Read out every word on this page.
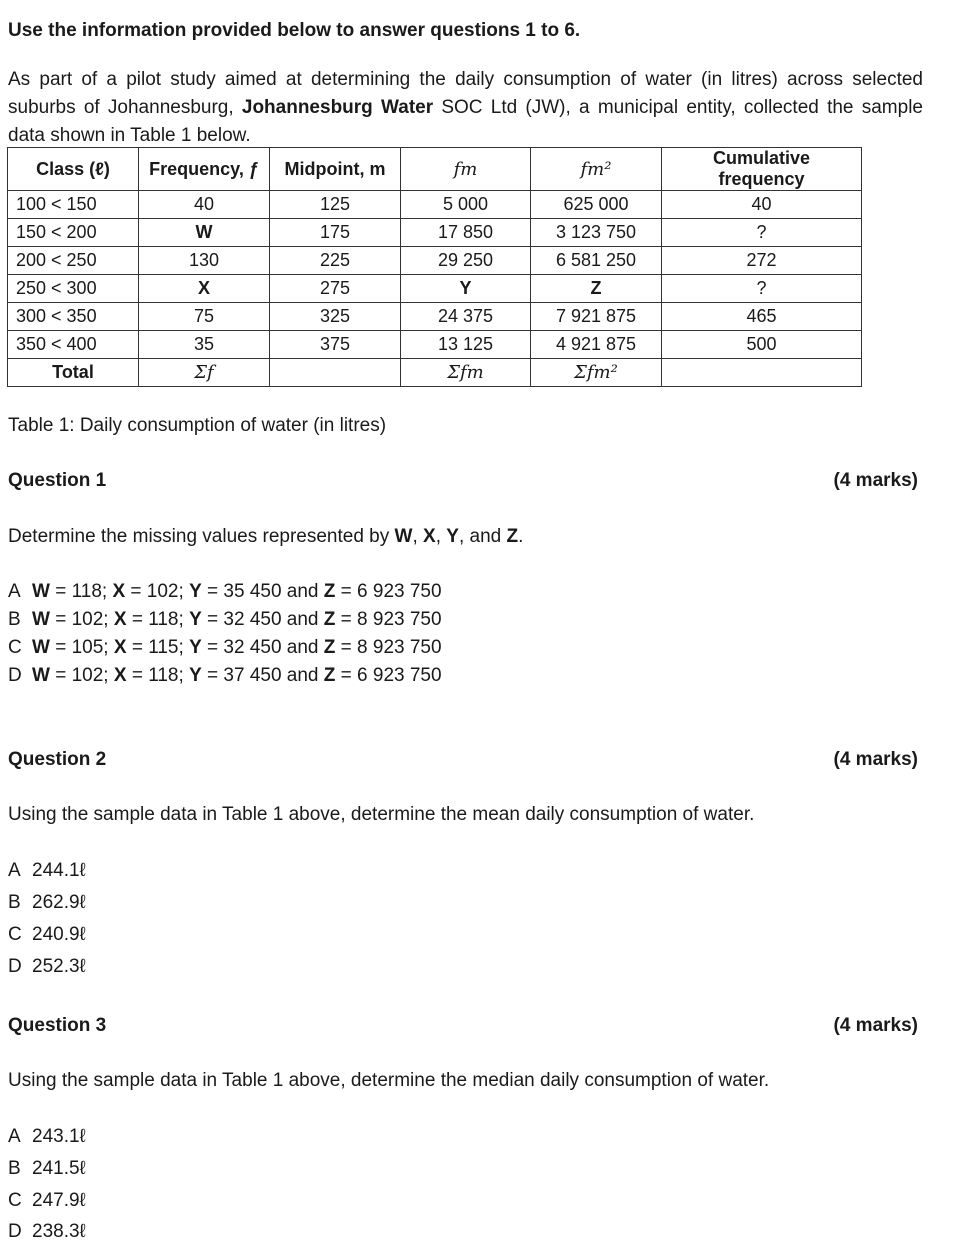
Use the information provided below to answer questions 1 to 6.
As part of a pilot study aimed at determining the daily consumption of water (in litres) across selected suburbs of Johannesburg, Johannesburg Water SOC Ltd (JW), a municipal entity, collected the sample data shown in Table 1 below.
Class (ℓ)	Frequency, ƒ	Midpoint, m	fm	fm²	Cumulative frequency
100 < 150	40	125	5 000	625 000	40
150 < 200	W	175	17 850	3 123 750	?
200 < 250	130	225	29 250	6 581 250	272
250 < 300	X	275	Y	Z	?
300 < 350	75	325	24 375	7 921 875	465
350 < 400	35	375	13 125	4 921 875	500
Total	Σf		Σfm	Σfm²	
Table 1: Daily consumption of water (in litres)
Question 1	(4 marks)
Determine the missing values represented by W, X, Y, and Z.
A W = 118; X = 102; Y = 35 450 and Z = 6 923 750
B W = 102; X = 118; Y = 32 450 and Z = 8 923 750
C W = 105; X = 115; Y = 32 450 and Z = 8 923 750
D W = 102; X = 118; Y = 37 450 and Z = 6 923 750
Question 2	(4 marks)
Using the sample data in Table 1 above, determine the mean daily consumption of water.
A 244.1ℓ
B 262.9ℓ
C 240.9ℓ
D 252.3ℓ
Question 3	(4 marks)
Using the sample data in Table 1 above, determine the median daily consumption of water.
A 243.1ℓ
B 241.5ℓ
C 247.9ℓ
D 238.3ℓ
